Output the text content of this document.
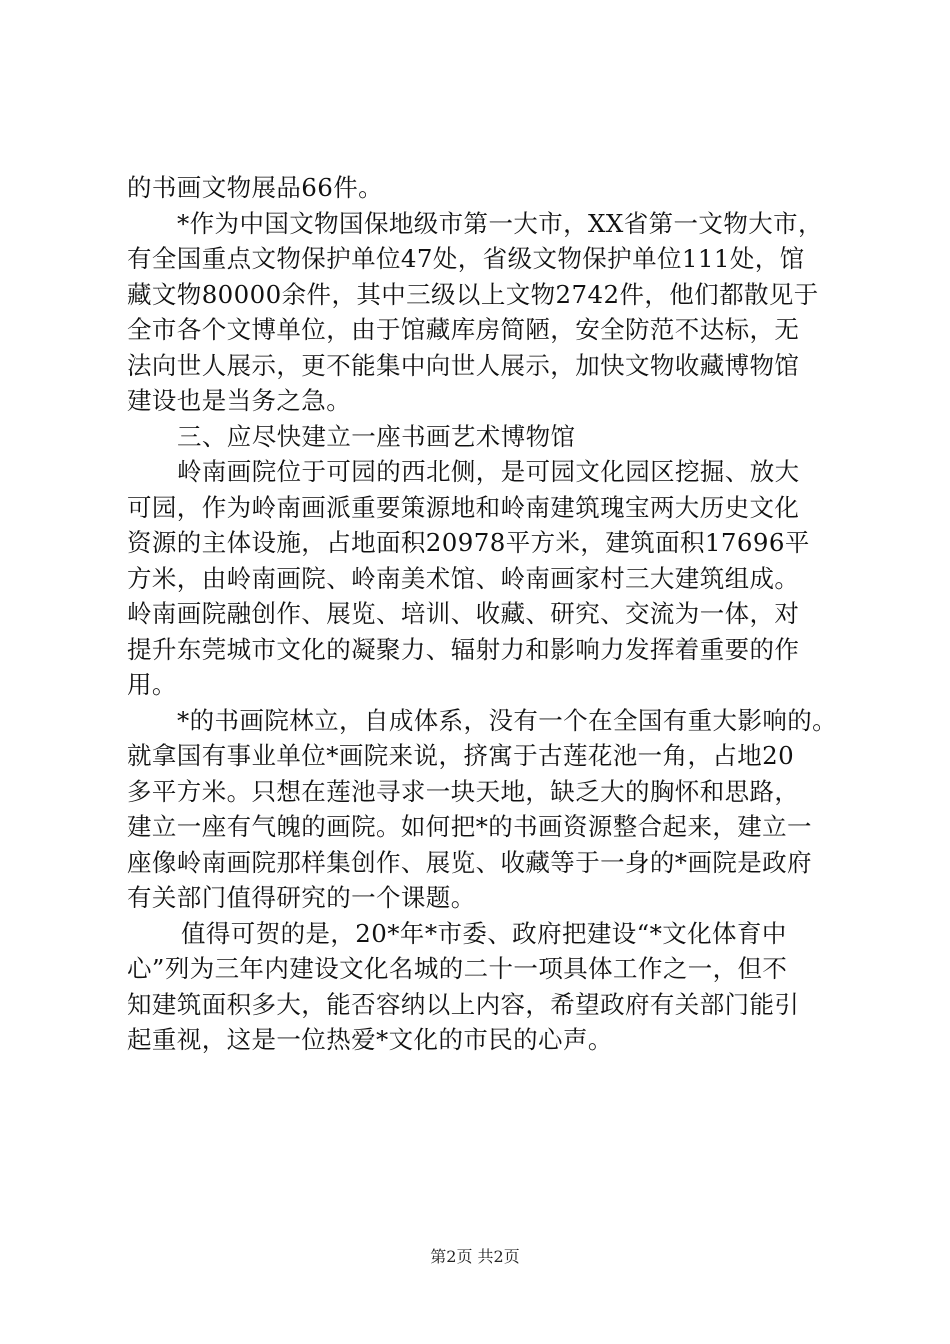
的书画文物展品66件。
*作为中国文物国保地级市第一大市，XX省第一文物大市，
有全国重点文物保护单位47处，省级文物保护单位111处，馆
藏文物80000余件，其中三级以上文物2742件，他们都散见于
全市各个文博单位，由于馆藏库房简陋，安全防范不达标，无
法向世人展示，更不能集中向世人展示，加快文物收藏博物馆
建设也是当务之急。
三、应尽快建立一座书画艺术博物馆
岭南画院位于可园的西北侧，是可园文化园区挖掘、放大
可园，作为岭南画派重要策源地和岭南建筑瑰宝两大历史文化
资源的主体设施，占地面积20978平方米，建筑面积17696平
方米，由岭南画院、岭南美术馆、岭南画家村三大建筑组成。
岭南画院融创作、展览、培训、收藏、研究、交流为一体，对
提升东莞城市文化的凝聚力、辐射力和影响力发挥着重要的作
用。
*的书画院林立，自成体系，没有一个在全国有重大影响的。
就拿国有事业单位*画院来说，挤寓于古莲花池一角，占地20
多平方米。只想在莲池寻求一块天地，缺乏大的胸怀和思路，
建立一座有气魄的画院。如何把*的书画资源整合起来，建立一
座像岭南画院那样集创作、展览、收藏等于一身的*画院是政府
有关部门值得研究的一个课题。
值得可贺的是，20*年*市委、政府把建设“*文化体育中
心”列为三年内建设文化名城的二十一项具体工作之一，但不
知建筑面积多大，能否容纳以上内容，希望政府有关部门能引
起重视，这是一位热爱*文化的市民的心声。
第2页 共2页
